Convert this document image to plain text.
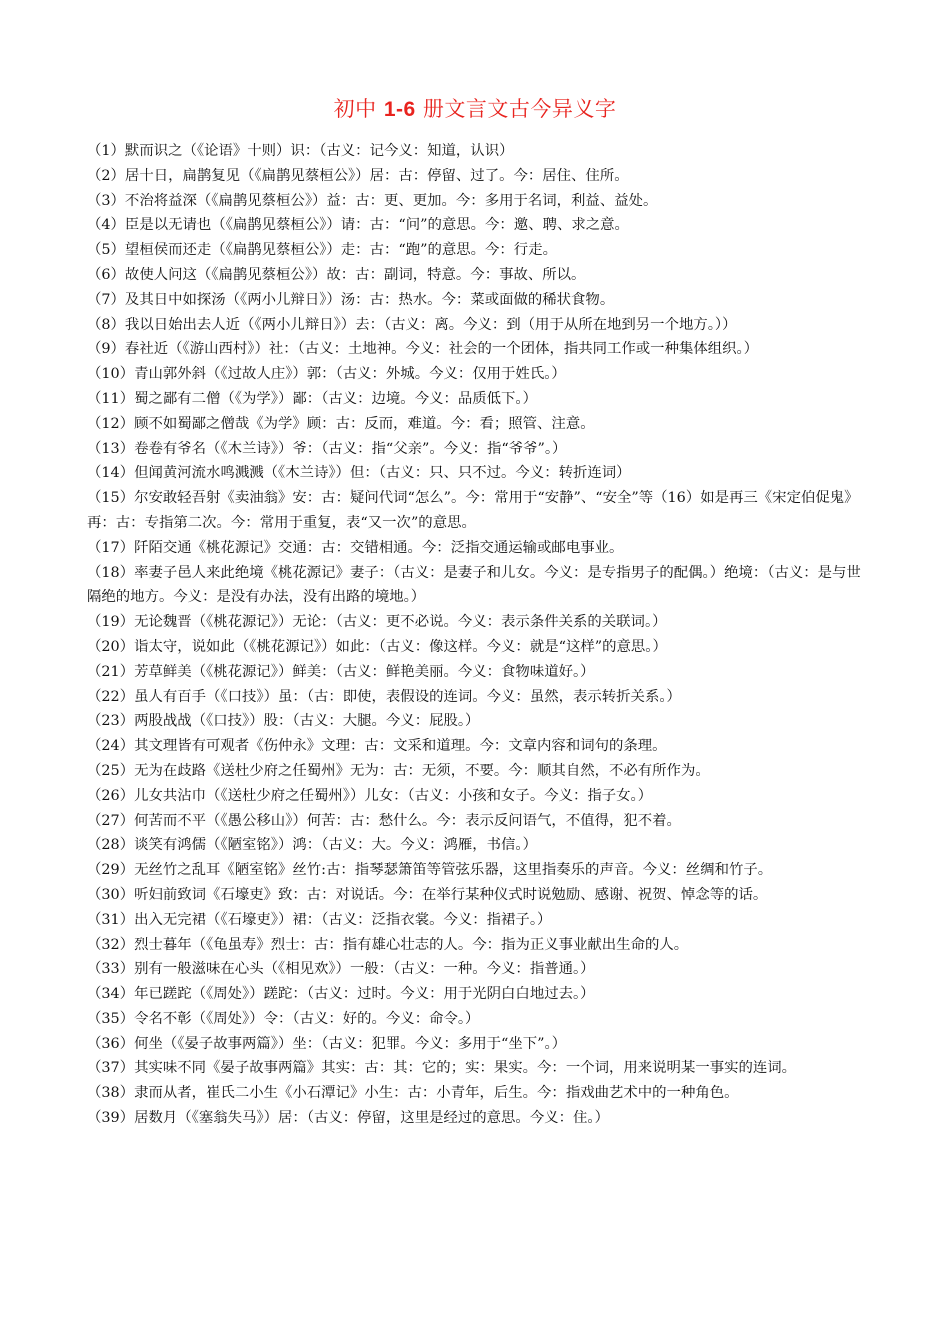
初中 1-6 册文言文古今异义字

（1）默而识之（《论语》十则）识：（古义：记今义：知道，认识）

（2）居十日，扁鹊复见（《扁鹊见蔡桓公》）居：古：停留、过了。今：居住、住所。

（3）不治将益深（《扁鹊见蔡桓公》）益：古：更、更加。今：多用于名词，利益、益处。

（4）臣是以无请也（《扁鹊见蔡桓公》）请：古：“问”的意思。今：邀、聘、求之意。

（5）望桓侯而还走（《扁鹊见蔡桓公》）走：古：“跑”的意思。今：行走。

（6）故使人问这（《扁鹊见蔡桓公》）故：古：副词，特意。今：事故、所以。

（7）及其日中如探汤（《两小儿辩日》）汤：古：热水。今：菜或面做的稀状食物。

（8）我以日始出去人近（《两小儿辩日》）去：（古义：离。今义：到（用于从所在地到另一个地方。））

（9）春社近（《游山西村》）社：（古义：土地神。今义：社会的一个团体，指共同工作或一种集体组织。）

（10）青山郭外斜（《过故人庄》）郭：（古义：外城。今义：仅用于姓氏。）

（11）蜀之鄙有二僧（《为学》）鄙：（古义：边境。今义：品质低下。）

（12）顾不如蜀鄙之僧哉《为学》顾：古：反而，难道。今：看；照管、注意。

（13）卷卷有爷名（《木兰诗》）爷：（古义：指“父亲”。今义：指“爷爷”。）

（14）但闻黄河流水鸣溅溅（《木兰诗》）但：（古义：只、只不过。今义：转折连词）

（15）尔安敢轻吾射《卖油翁》安：古：疑问代词“怎么”。今：常用于“安静”、“安全”等（16）如是再三《宋定伯促鬼》再：古：专指第二次。今：常用于重复，表“又一次”的意思。

（17）阡陌交通《桃花源记》交通：古：交错相通。今：泛指交通运输或邮电事业。

（18）率妻子邑人来此绝境《桃花源记》妻子：（古义：是妻子和儿女。今义：是专指男子的配偶。）绝境：（古义：是与世隔绝的地方。今义：是没有办法，没有出路的境地。）

（19）无论魏晋（《桃花源记》）无论：（古义：更不必说。今义：表示条件关系的关联词。）

（20）诣太守，说如此（《桃花源记》）如此：（古义：像这样。今义：就是“这样”的意思。）

（21）芳草鲜美（《桃花源记》）鲜美：（古义：鲜艳美丽。今义：食物味道好。）

（22）虽人有百手（《口技》）虽：（古：即使，表假设的连词。今义：虽然，表示转折关系。）

（23）两股战战（《口技》）股：（古义：大腿。今义：屁股。）

（24）其文理皆有可观者《伤仲永》文理：古：文采和道理。今：文章内容和词句的条理。

（25）无为在歧路《送杜少府之任蜀州》无为：古：无须，不要。今：顺其自然，不必有所作为。

（26）儿女共沾巾（《送杜少府之任蜀州》）儿女：（古义：小孩和女子。今义：指子女。）

（27）何苦而不平（《愚公移山》）何苦：古：愁什么。今：表示反问语气，不值得，犯不着。

（28）谈笑有鸿儒（《陋室铭》）鸿：（古义：大。今义：鸿雁，书信。）

（29）无丝竹之乱耳《陋室铭》丝竹:古：指琴瑟箫笛等管弦乐器，这里指奏乐的声音。今义：丝绸和竹子。

（30）听妇前致词《石壕吏》致：古：对说话。今：在举行某种仪式时说勉励、感谢、祝贺、悼念等的话。

（31）出入无完裙（《石壕吏》）裙：（古义：泛指衣裳。今义：指裙子。）

（32）烈士暮年（《龟虽寿》烈士：古：指有雄心壮志的人。今：指为正义事业献出生命的人。

（33）别有一般滋味在心头（《相见欢》）一般：（古义：一种。今义：指普通。）

（34）年已蹉跎（《周处》）蹉跎：（古义：过时。今义：用于光阴白白地过去。）

（35）令名不彰（《周处》）令：（古义：好的。今义：命令。）

（36）何坐（《晏子故事两篇》）坐：（古义：犯罪。今义：多用于“坐下”。）

（37）其实味不同《晏子故事两篇》其实：古：其：它的；实：果实。今：一个词，用来说明某一事实的连词。

（38）隶而从者，崔氏二小生《小石潭记》小生：古：小青年，后生。今：指戏曲艺术中的一种角色。

（39）居数月（《塞翁失马》）居：（古义：停留，这里是经过的意思。今义：住。）
